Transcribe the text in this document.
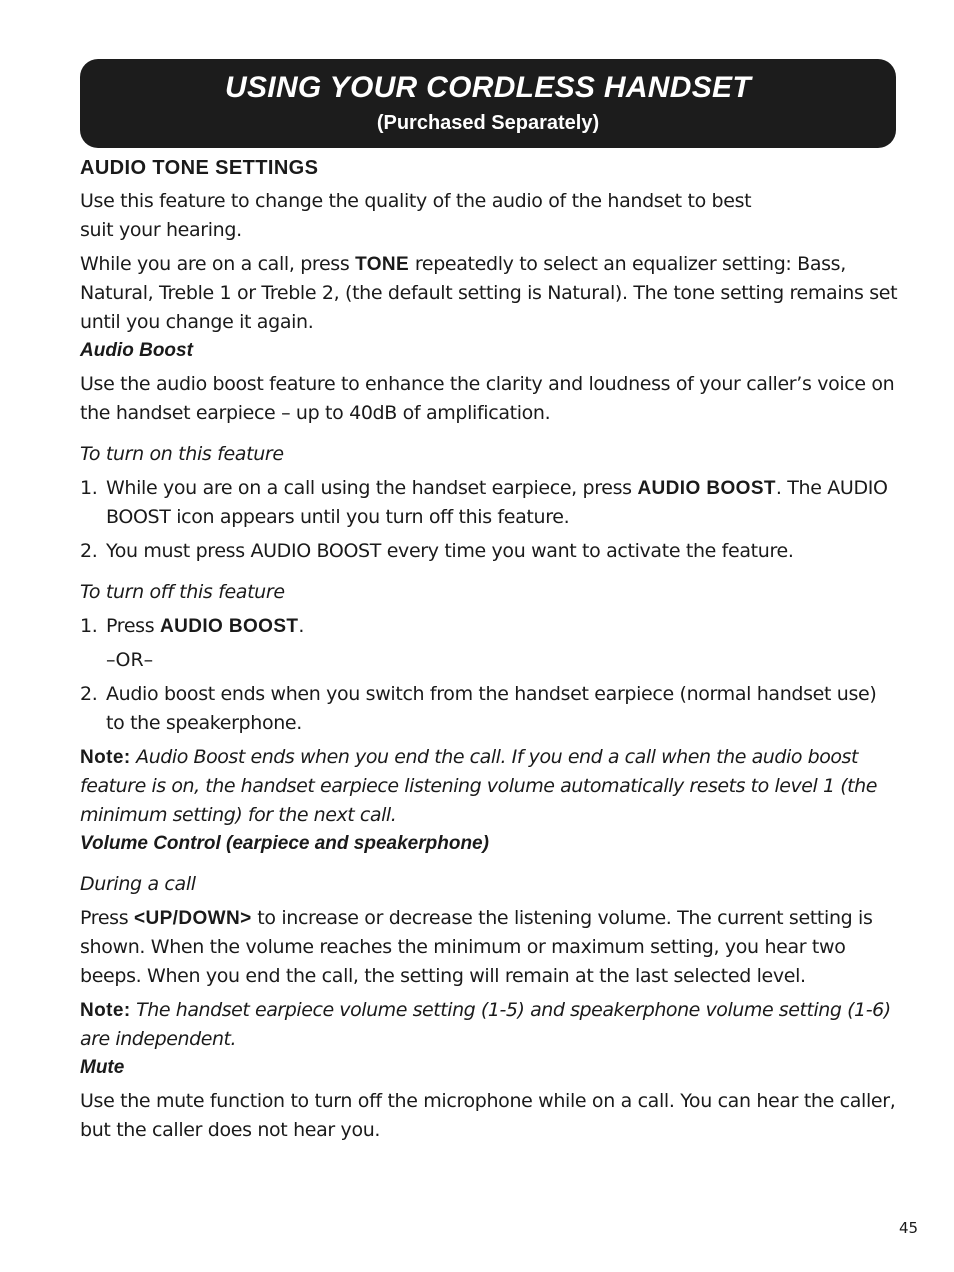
USING YOUR CORDLESS HANDSET
(Purchased Separately)
AUDIO TONE SETTINGS

Use this feature to change the quality of the audio of the handset to best suit your hearing.

While you are on a call, press TONE repeatedly to select an equalizer setting: Bass, Natural, Treble 1 or Treble 2, (the default setting is Natural). The tone setting remains set until you change it again.

Audio Boost

Use the audio boost feature to enhance the clarity and loudness of your caller’s voice on the handset earpiece – up to 40dB of amplification.

To turn on this feature
1. While you are on a call using the handset earpiece, press AUDIO BOOST. The AUDIO BOOST icon appears until you turn off this feature.
2. You must press AUDIO BOOST every time you want to activate the feature.
To turn off this feature
1. Press AUDIO BOOST.
–OR–
2. Audio boost ends when you switch from the handset earpiece (normal handset use) to the speakerphone.

Note: Audio Boost ends when you end the call. If you end a call when the audio boost feature is on, the handset earpiece listening volume automatically resets to level 1 (the minimum setting) for the next call.

Volume Control (earpiece and speakerphone)
During a call

Press <UP/DOWN> to increase or decrease the listening volume. The current setting is shown. When the volume reaches the minimum or maximum setting, you hear two beeps. When you end the call, the setting will remain at the last selected level.

Note: The handset earpiece volume setting (1-5) and speakerphone volume setting (1-6) are independent.

Mute

Use the mute function to turn off the microphone while on a call. You can hear the caller, but the caller does not hear you.

45
